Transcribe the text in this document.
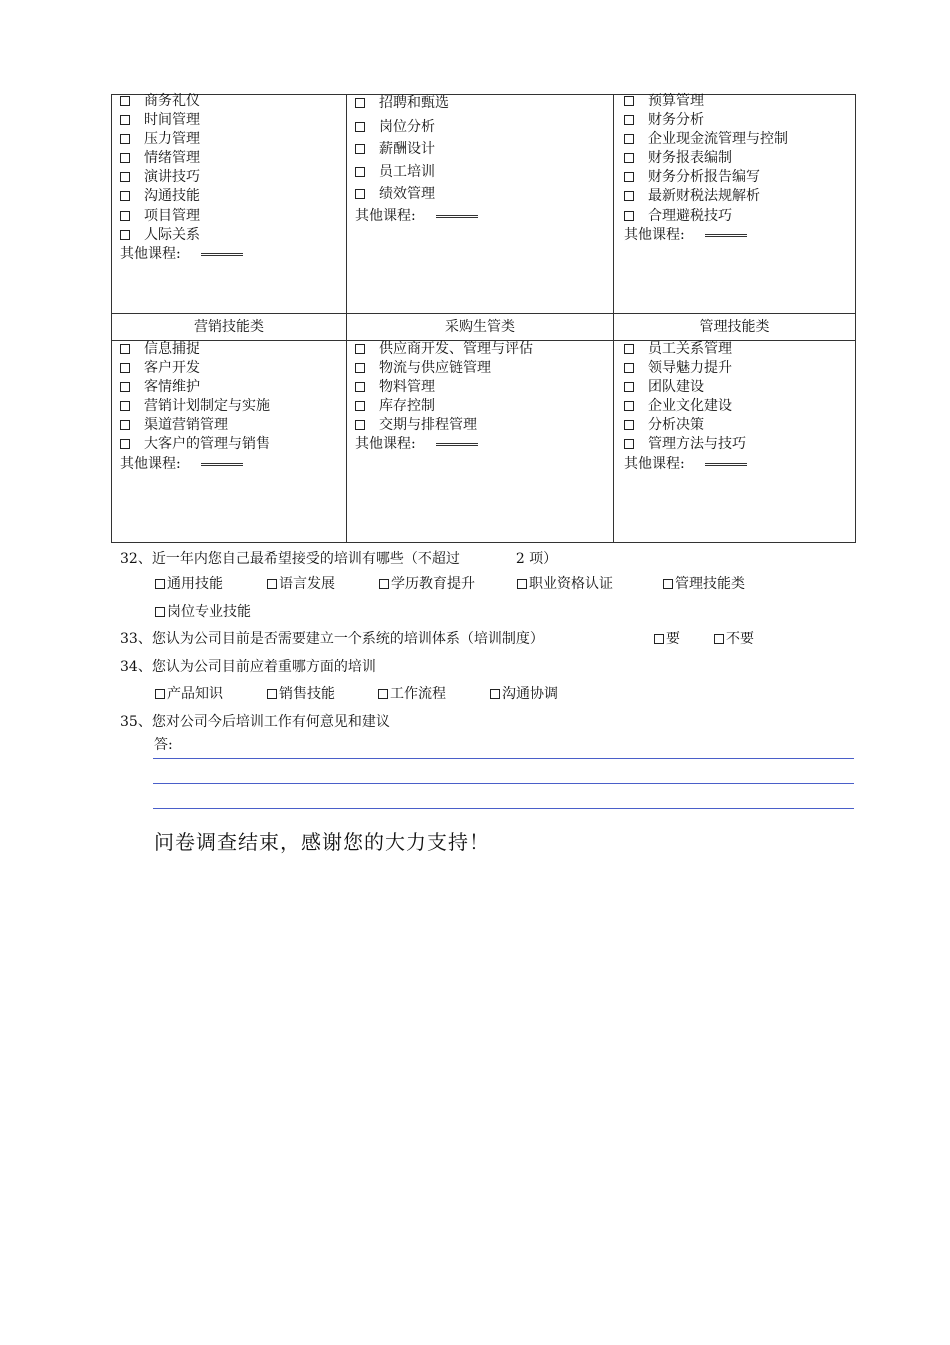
商务礼仪
时间管理
压力管理
情绪管理
演讲技巧
沟通技能
项目管理
人际关系
其他课程:
招聘和甄选
岗位分析
薪酬设计
员工培训
绩效管理
其他课程:
预算管理
财务分析
企业现金流管理与控制
财务报表编制
财务分析报告编写
最新财税法规解析
合理避税技巧
其他课程:
营销技能类	采购生管类	管理技能类
信息捕捉
客户开发
客情维护
营销计划制定与实施
渠道营销管理
大客户的管理与销售
其他课程:
供应商开发、管理与评估
物流与供应链管理
物料管理
库存控制
交期与排程管理
其他课程:
员工关系管理
领导魅力提升
团队建设
企业文化建设
分析决策
管理方法与技巧
其他课程:
32、近一年内您自己最希望接受的培训有哪些（不超过	2 项）
通用技能	语言发展	学历教育提升	职业资格认证	管理技能类
岗位专业技能
33、您认为公司目前是否需要建立一个系统的培训体系（培训制度）	要	不要
34、您认为公司目前应着重哪方面的培训
产品知识	销售技能	工作流程	沟通协调
35、您对公司今后培训工作有何意见和建议
答:
问卷调查结束，感谢您的大力支持！
